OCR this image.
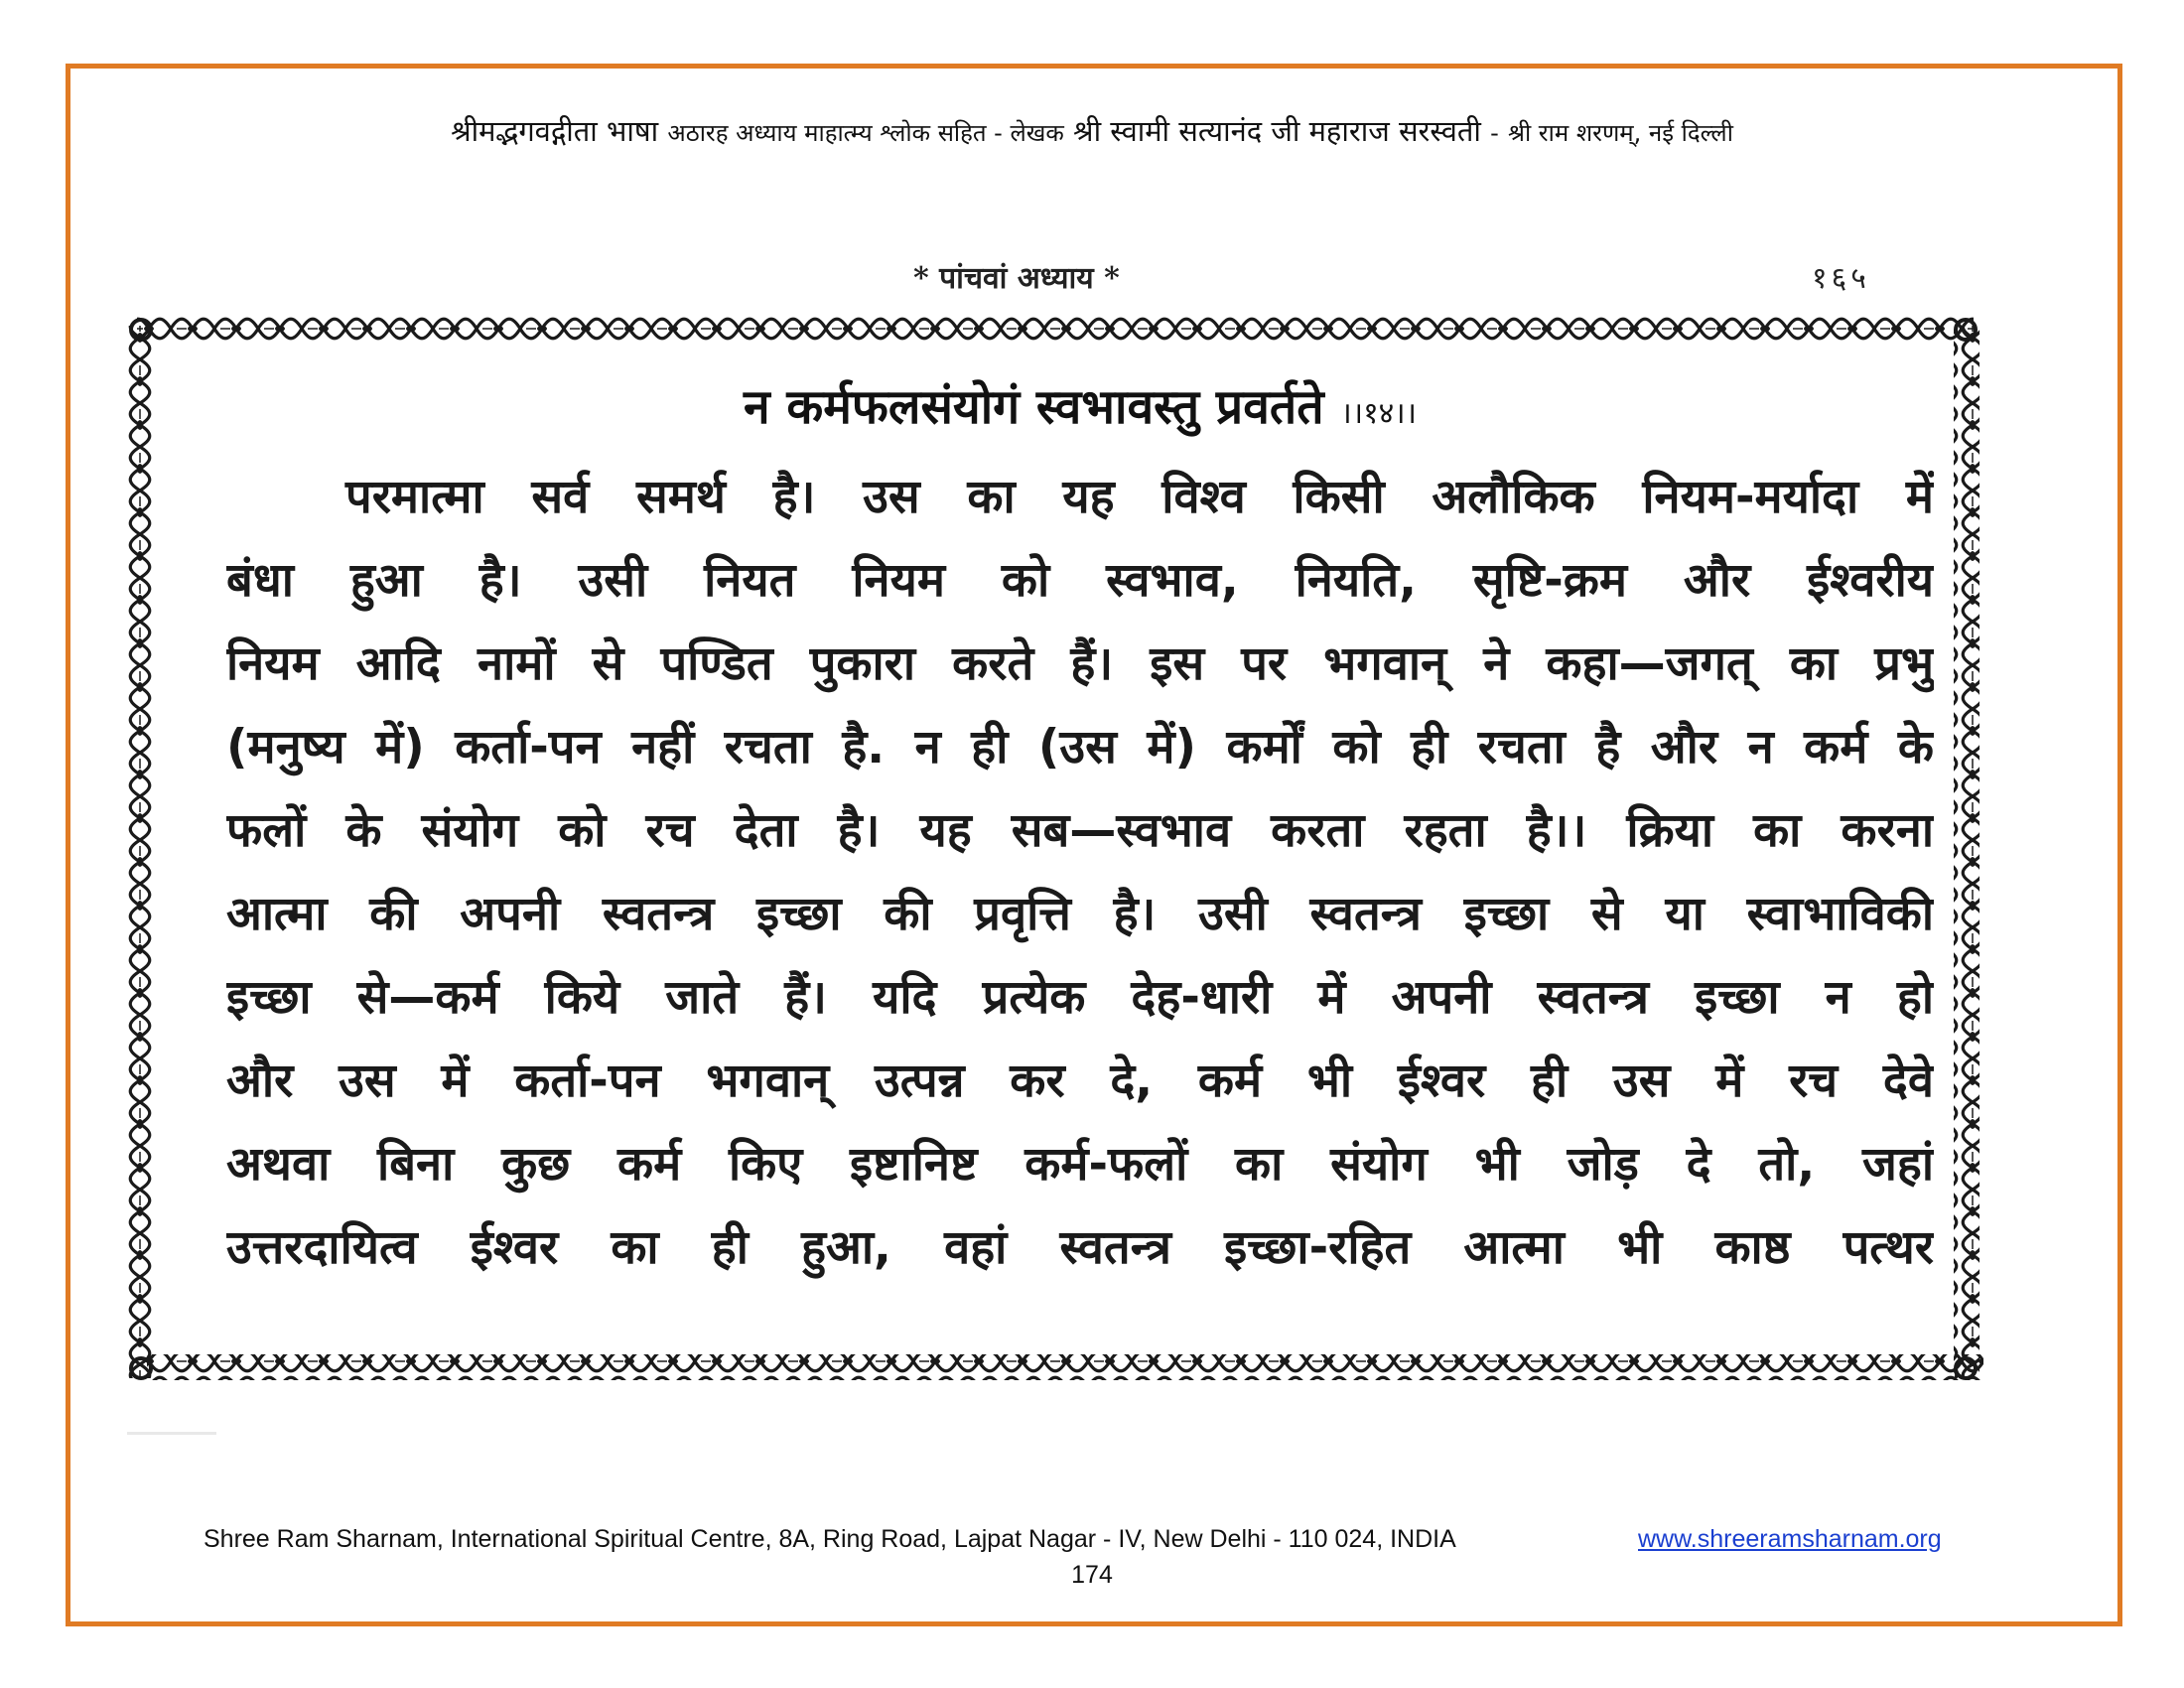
श्रीमद्भगवद्गीता भाषा अठारह अध्याय माहात्म्य श्लोक सहित - लेखक श्री स्वामी सत्यानंद जी महाराज सरस्वती - श्री राम शरणम्, नई दिल्ली
* पांचवां अध्याय *	१६५
न कर्मफलसंयोगं स्वभावस्तु प्रवर्तते ।।१४।।
परमात्मा सर्व समर्थ है। उस का यह विश्व किसी अलौकिक नियम-मर्यादा में
बंधा हुआ है। उसी नियत नियम को स्वभाव, नियति, सृष्टि-क्रम और ईश्वरीय
नियम आदि नामों से पण्डित पुकारा करते हैं। इस पर भगवान् ने कहा—जगत् का प्रभु
(मनुष्य में) कर्ता-पन नहीं रचता है. न ही (उस में) कर्मों को ही रचता है और न कर्म के
फलों के संयोग को रच देता है। यह सब—स्वभाव करता रहता है।। क्रिया का करना
आत्मा की अपनी स्वतन्त्र इच्छा की प्रवृत्ति है। उसी स्वतन्त्र इच्छा से या स्वाभाविकी
इच्छा से—कर्म किये जाते हैं। यदि प्रत्येक देह-धारी में अपनी स्वतन्त्र इच्छा न हो
और उस में कर्ता-पन भगवान् उत्पन्न कर दे, कर्म भी ईश्वर ही उस में रच देवे
अथवा बिना कुछ कर्म किए इष्टानिष्ट कर्म-फलों का संयोग भी जोड़ दे तो, जहां
उत्तरदायित्व ईश्वर का ही हुआ, वहां स्वतन्त्र इच्छा-रहित आत्मा भी काष्ठ पत्थर
Shree Ram Sharnam, International Spiritual Centre, 8A, Ring Road, Lajpat Nagar - IV, New Delhi - 110 024, INDIA	www.shreeramsharnam.org
174
